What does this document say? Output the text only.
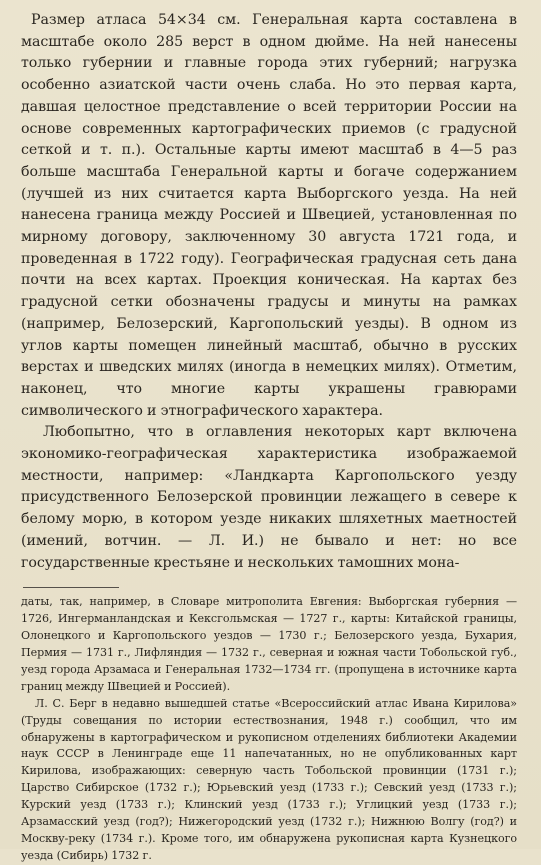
Размер атласа 54×34 см. Генеральная карта составлена в масштабе около 285 верст в одном дюйме. На ней нанесены только губернии и главные города этих губерний; нагрузка особенно азиатской части очень слаба. Но это первая карта, давшая целостное представление о всей территории России на основе современных картографических приемов (с градусной сеткой и т. п.). Остальные карты имеют масштаб в 4—5 раз больше масштаба Генеральной карты и богаче содержанием (лучшей из них считается карта Выборгского уезда. На ней нанесена граница между Россией и Швецией, установленная по мирному договору, заключенному 30 августа 1721 года, и проведенная в 1722 году). Географическая градусная сеть дана почти на всех картах. Проекция коническая. На картах без градусной сетки обозначены градусы и минуты на рамках (например, Белозерский, Каргопольский уезды). В одном из углов карты помещен линейный масштаб, обычно в русских верстах и шведских милях (иногда в немецких милях). Отметим, наконец, что многие карты украшены гравюрами символического и этнографического характера.

Любопытно, что в оглавления некоторых карт включена экономико-географическая характеристика изображаемой местности, например: «Ландкарта Каргопольского уезду присудственного Белозерской провинции лежащего в севере к белому морю, в котором уезде никаких шляхетных маетностей (имений, вотчин. — Л. И.) не бывало и нет: но все государственные крестьяне и нескольких тамошних мона-

даты, так, например, в Словаре митрополита Евгения: Выборгская губерния — 1726, Ингерманландская и Кексгольмская — 1727 г., карты: Китайской границы, Олонецкого и Каргопольского уездов — 1730 г.; Белозерского уезда, Бухария, Пермия — 1731 г., Лифляндия — 1732 г., северная и южная части Тобольской губ., уезд города Арзамаса и Генеральная 1732—1734 гг. (пропущена в источнике карта границ между Швецией и Россией).

Л. С. Берг в недавно вышедшей статье «Всероссийский атлас Ивана Кирилова» (Труды совещания по истории естествознания, 1948 г.) сообщил, что им обнаружены в картографическом и рукописном отделениях библиотеки Академии наук СССР в Ленинграде еще 11 напечатанных, но не опубликованных карт Кирилова, изображающих: северную часть Тобольской провинции (1731 г.); Царство Сибирское (1732 г.); Юрьевский уезд (1733 г.); Севский уезд (1733 г.); Курский уезд (1733 г.); Клинский уезд (1733 г.); Углицкий уезд (1733 г.); Арзамасский уезд (год?); Нижегородский уезд (1732 г.); Нижнюю Волгу (год?) и Москву-реку (1734 г.). Кроме того, им обнаружена рукописная карта Кузнецкого уезда (Сибирь) 1732 г.
